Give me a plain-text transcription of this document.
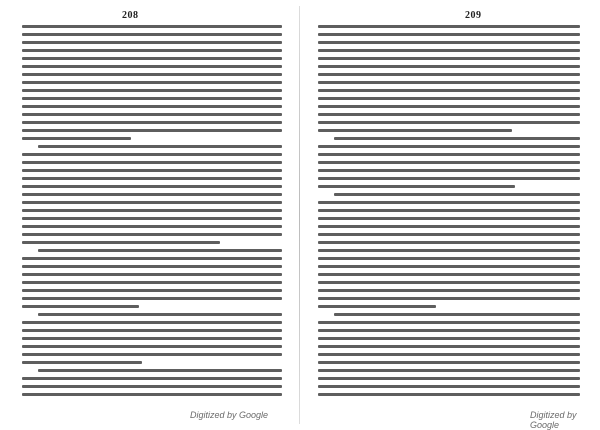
208
Digitized by Google
209
Digitized by Google
